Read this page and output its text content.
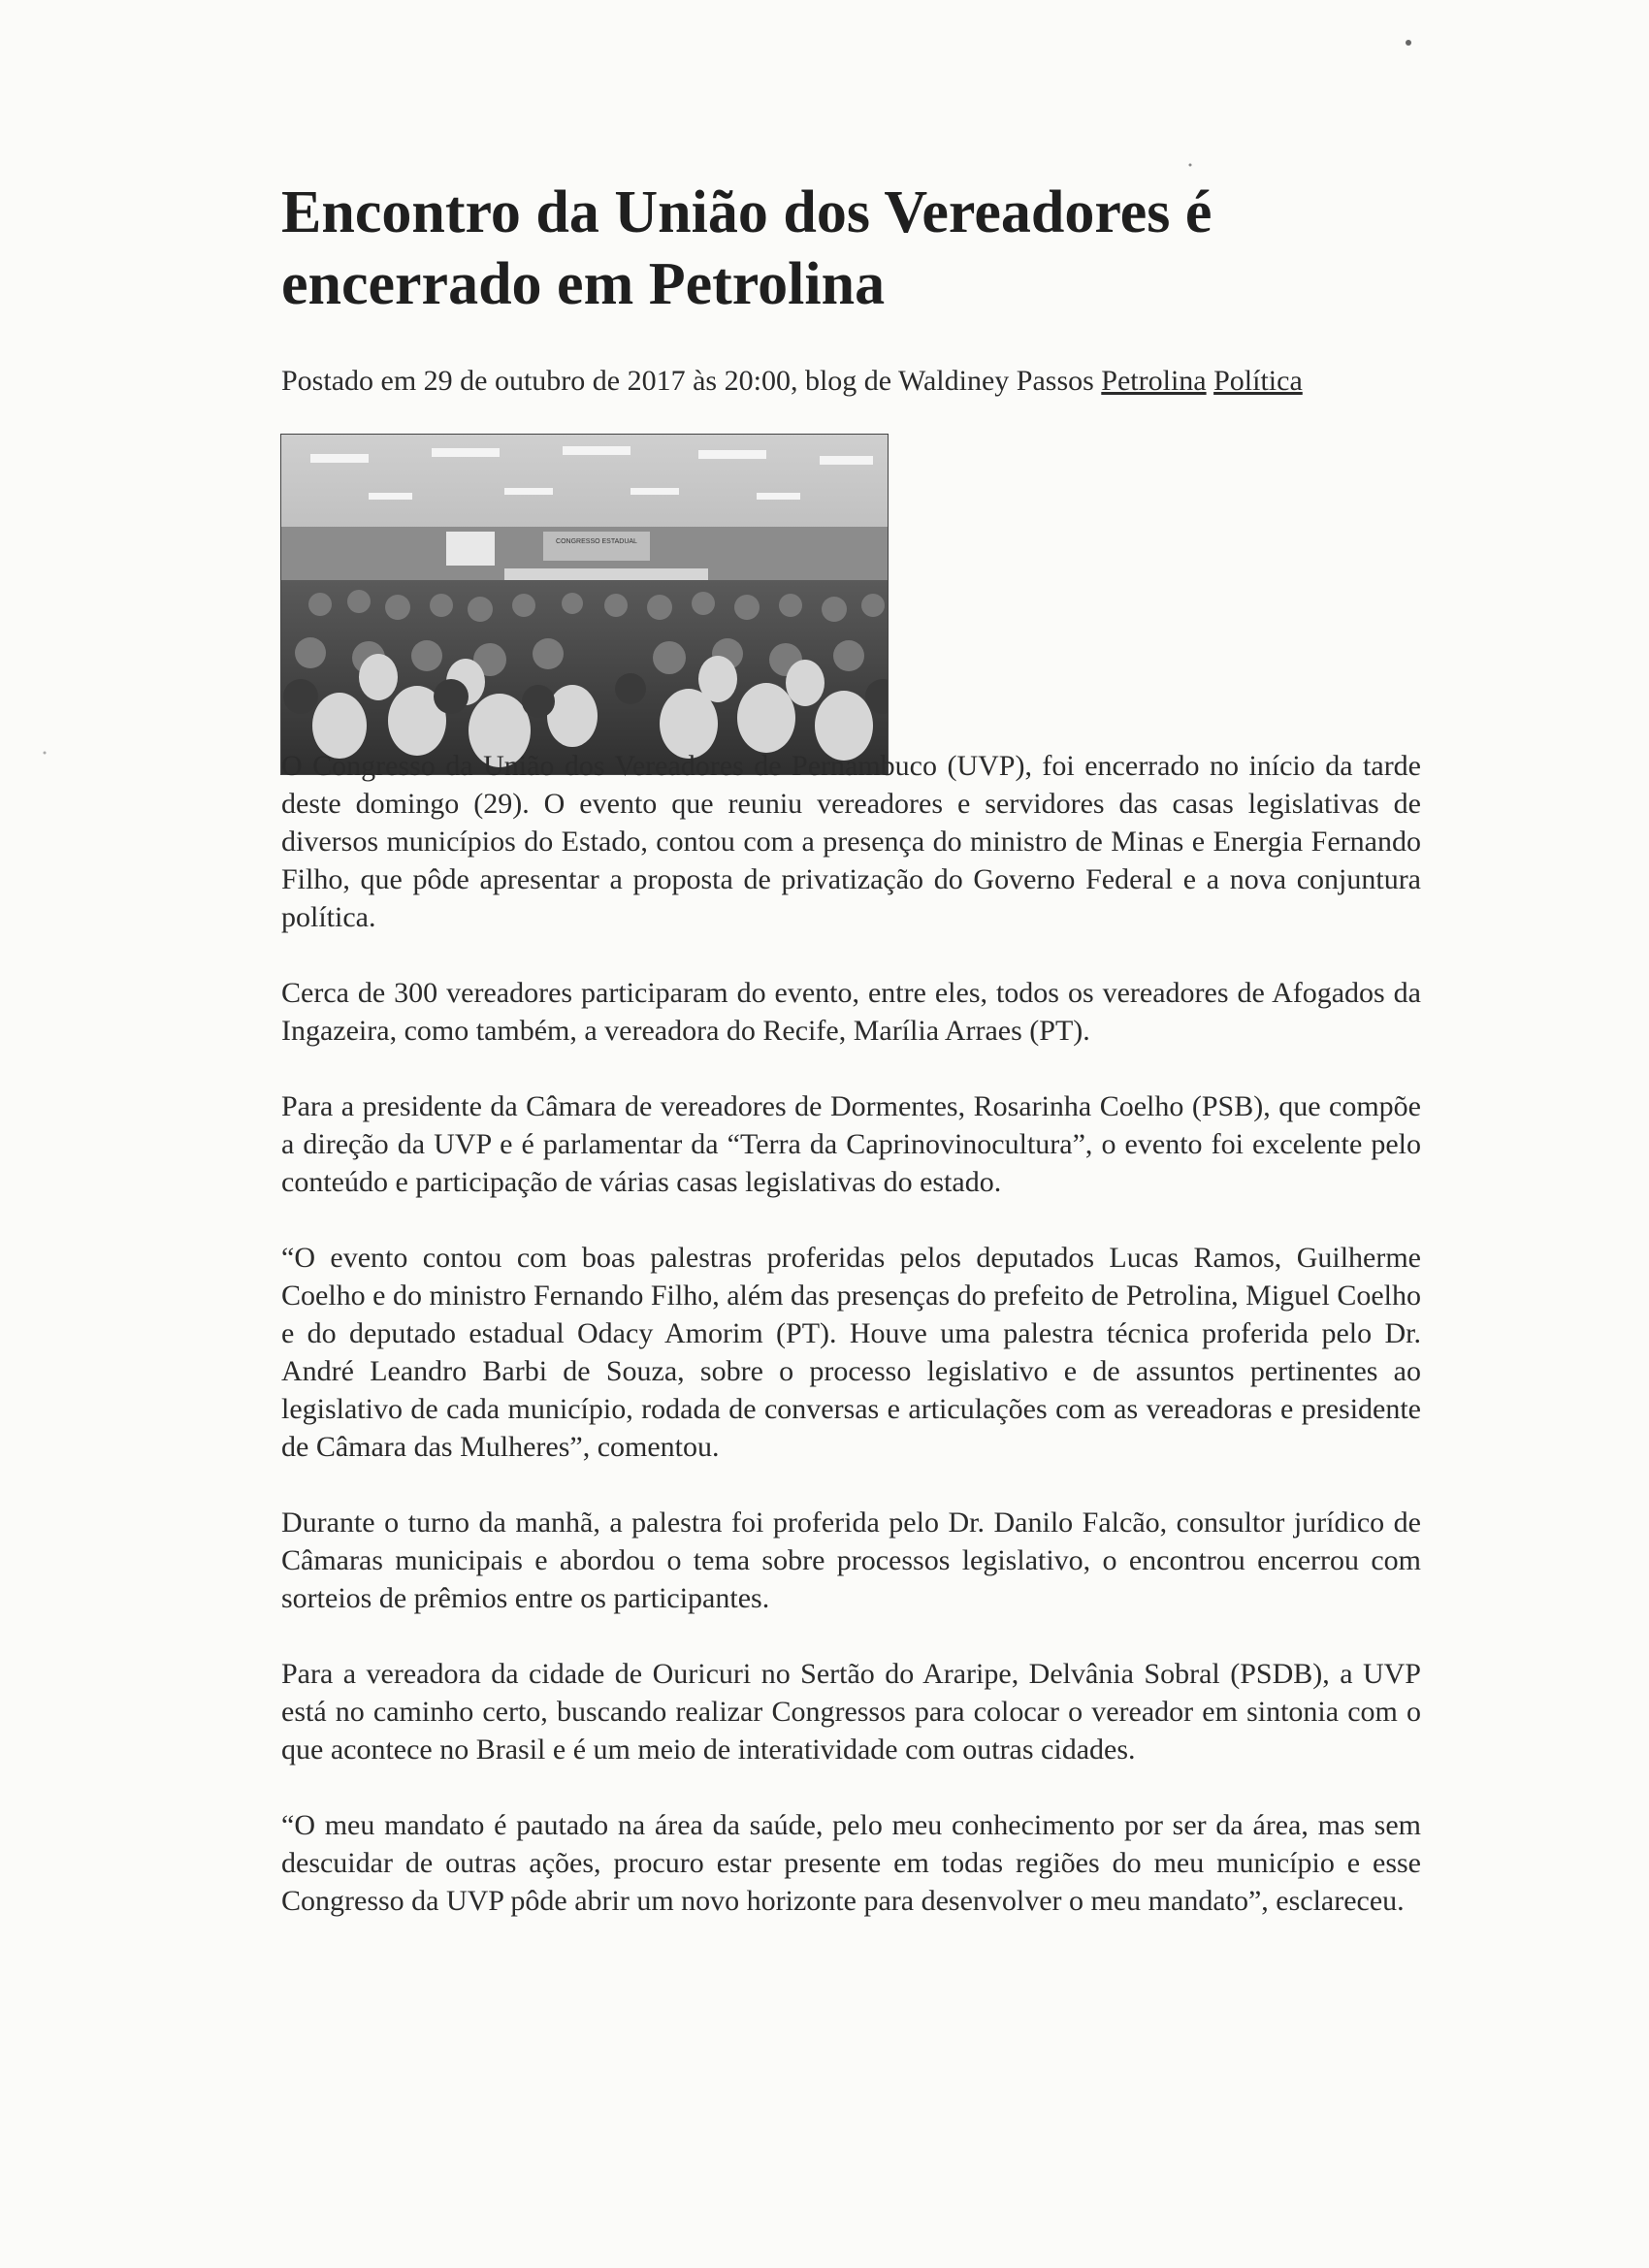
Encontro da União dos Vereadores é
encerrado em Petrolina
Postado em 29 de outubro de 2017 às 20:00, blog de Waldiney Passos Petrolina Política
CONGRESSO ESTADUAL

O Congresso da União dos Vereadores de Pernambuco (UVP), foi encerrado no início da tarde deste domingo (29). O evento que reuniu vereadores e servidores das casas legislativas de diversos municípios do Estado, contou com a presença do ministro de Minas e Energia Fernando Filho, que pôde apresentar a proposta de privatização do Governo Federal e a nova conjuntura política.

Cerca de 300 vereadores participaram do evento, entre eles, todos os vereadores de Afogados da Ingazeira, como também, a vereadora do Recife, Marília Arraes (PT).

Para a presidente da Câmara de vereadores de Dormentes, Rosarinha Coelho (PSB), que compõe a direção da UVP e é parlamentar da “Terra da Caprinovinocultura”, o evento foi excelente pelo conteúdo e participação de várias casas legislativas do estado.

“O evento contou com boas palestras proferidas pelos deputados Lucas Ramos, Guilherme Coelho e do ministro Fernando Filho, além das presenças do prefeito de Petrolina, Miguel Coelho e do deputado estadual Odacy Amorim (PT). Houve uma palestra técnica proferida pelo Dr. André Leandro Barbi de Souza, sobre o processo legislativo e de assuntos pertinentes ao legislativo de cada município, rodada de conversas e articulações com as vereadoras e presidente de Câmara das Mulheres”, comentou.

Durante o turno da manhã, a palestra foi proferida pelo Dr. Danilo Falcão, consultor jurídico de Câmaras municipais e abordou o tema sobre processos legislativo, o encontrou encerrou com sorteios de prêmios entre os participantes.

Para a vereadora da cidade de Ouricuri no Sertão do Araripe, Delvânia Sobral (PSDB), a UVP está no caminho certo, buscando realizar Congressos para colocar o vereador em sintonia com o que acontece no Brasil e é um meio de interatividade com outras cidades.

“O meu mandato é pautado na área da saúde, pelo meu conhecimento por ser da área, mas sem descuidar de outras ações, procuro estar presente em todas regiões do meu município e esse Congresso da UVP pôde abrir um novo horizonte para desenvolver o meu mandato”, esclareceu.
